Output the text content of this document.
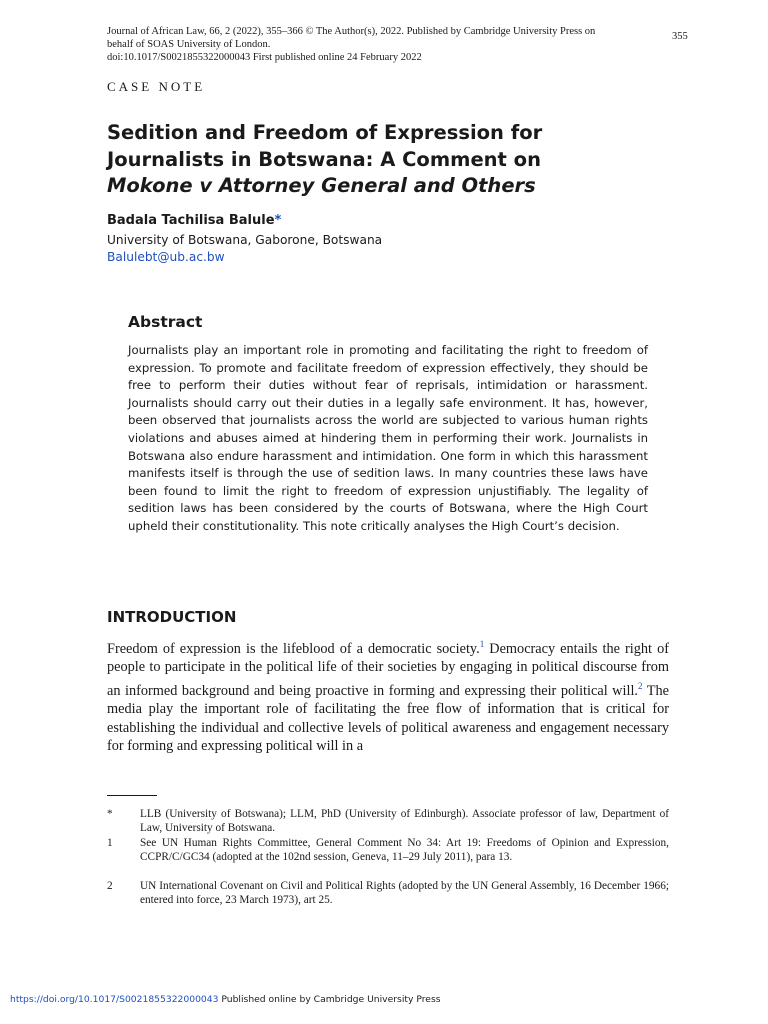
Journal of African Law, 66, 2 (2022), 355–366 © The Author(s), 2022. Published by Cambridge University Press on
behalf of SOAS University of London.
doi:10.1017/S0021855322000043 First published online 24 February 2022
355
CASE NOTE
Sedition and Freedom of Expression for
Journalists in Botswana: A Comment on
Mokone v Attorney General and Others
Badala Tachilisa Balule*
University of Botswana, Gaborone, Botswana
Balulebt@ub.ac.bw
Abstract
Journalists play an important role in promoting and facilitating the right to freedom of expression. To promote and facilitate freedom of expression effectively, they should be free to perform their duties without fear of reprisals, intimidation or harassment. Journalists should carry out their duties in a legally safe environment. It has, however, been observed that journalists across the world are subjected to various human rights violations and abuses aimed at hindering them in performing their work. Journalists in Botswana also endure harassment and intimidation. One form in which this harassment manifests itself is through the use of sedition laws. In many countries these laws have been found to limit the right to freedom of expression unjustifiably. The legality of sedition laws has been considered by the courts of Botswana, where the High Court upheld their constitutionality. This note critically analyses the High Court’s decision.
INTRODUCTION
Freedom of expression is the lifeblood of a democratic society.$^1$ Democracy entails the right of people to participate in the political life of their societies by engaging in political discourse from an informed background and being proactive in forming and expressing their political will.$^2$ The media play the important role of facilitating the free flow of information that is critical for establishing the individual and collective levels of political awareness and engagement necessary for forming and expressing political will in a
* LLB (University of Botswana); LLM, PhD (University of Edinburgh). Associate professor of law, Department of Law, University of Botswana.
1 See UN Human Rights Committee, General Comment No 34: Art 19: Freedoms of Opinion and Expression, CCPR/C/GC34 (adopted at the 102nd session, Geneva, 11–29 July 2011), para 13.
2 UN International Covenant on Civil and Political Rights (adopted by the UN General Assembly, 16 December 1966; entered into force, 23 March 1973), art 25.
https://doi.org/10.1017/S0021855322000043 Published online by Cambridge University Press
